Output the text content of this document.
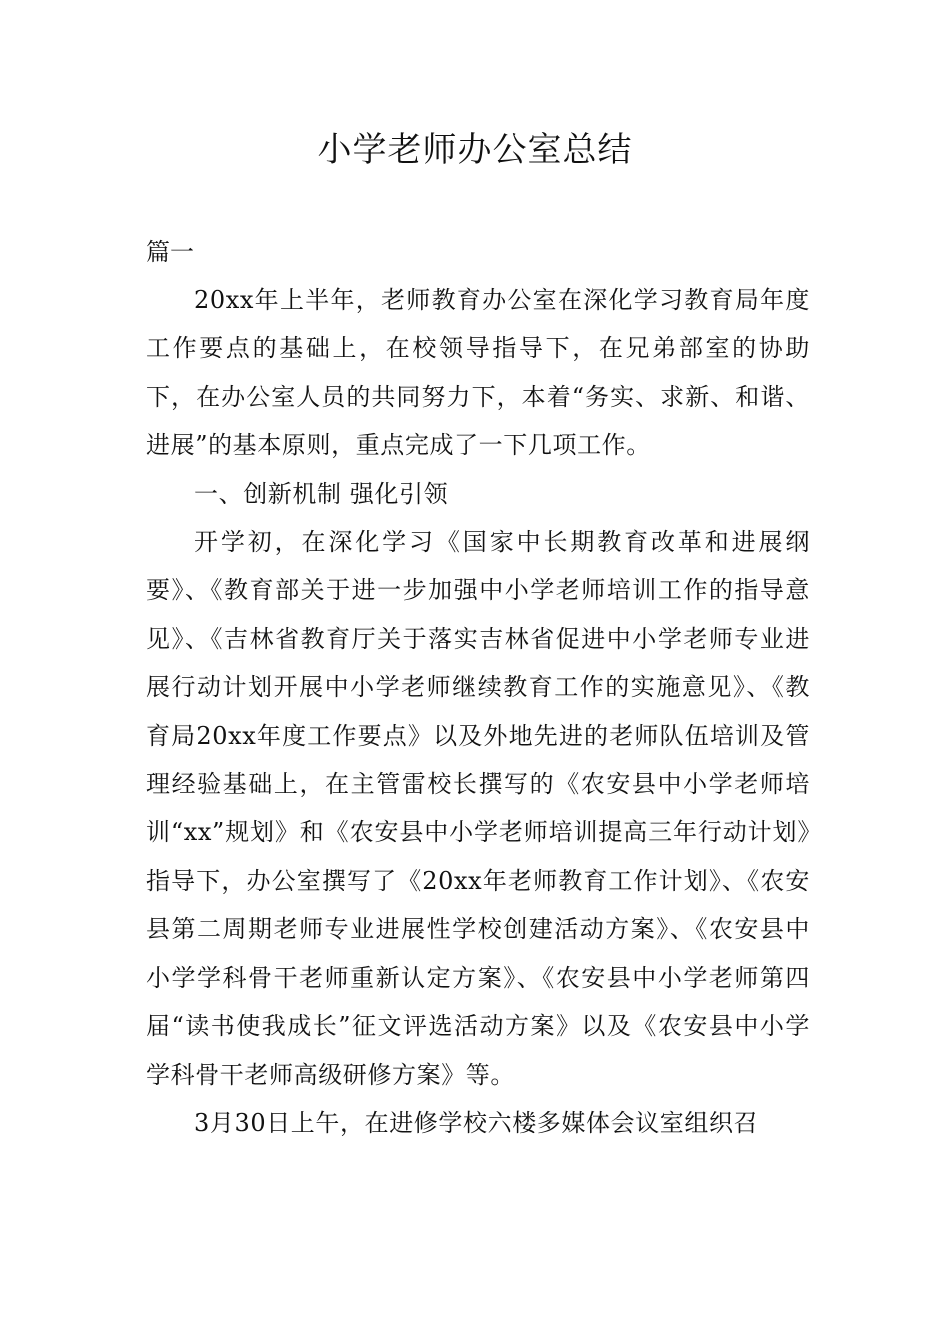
小学老师办公室总结

篇一

20xx年上半年，老师教育办公室在深化学习教育局年度工作要点的基础上，在校领导指导下，在兄弟部室的协助下，在办公室人员的共同努力下，本着“务实、求新、和谐、进展”的基本原则，重点完成了一下几项工作。

一、创新机制 强化引领

开学初，在深化学习《国家中长期教育改革和进展纲要》、《教育部关于进一步加强中小学老师培训工作的指导意见》、《吉林省教育厅关于落实吉林省促进中小学老师专业进展行动计划开展中小学老师继续教育工作的实施意见》、《教育局20xx年度工作要点》以及外地先进的老师队伍培训及管理经验基础上，在主管雷校长撰写的《农安县中小学老师培训“xx”规划》和《农安县中小学老师培训提高三年行动计划》指导下，办公室撰写了《20xx年老师教育工作计划》、《农安县第二周期老师专业进展性学校创建活动方案》、《农安县中小学学科骨干老师重新认定方案》、《农安县中小学老师第四届“读书使我成长”征文评选活动方案》以及《农安县中小学学科骨干老师高级研修方案》等。

3月30日上午，在进修学校六楼多媒体会议室组织召
